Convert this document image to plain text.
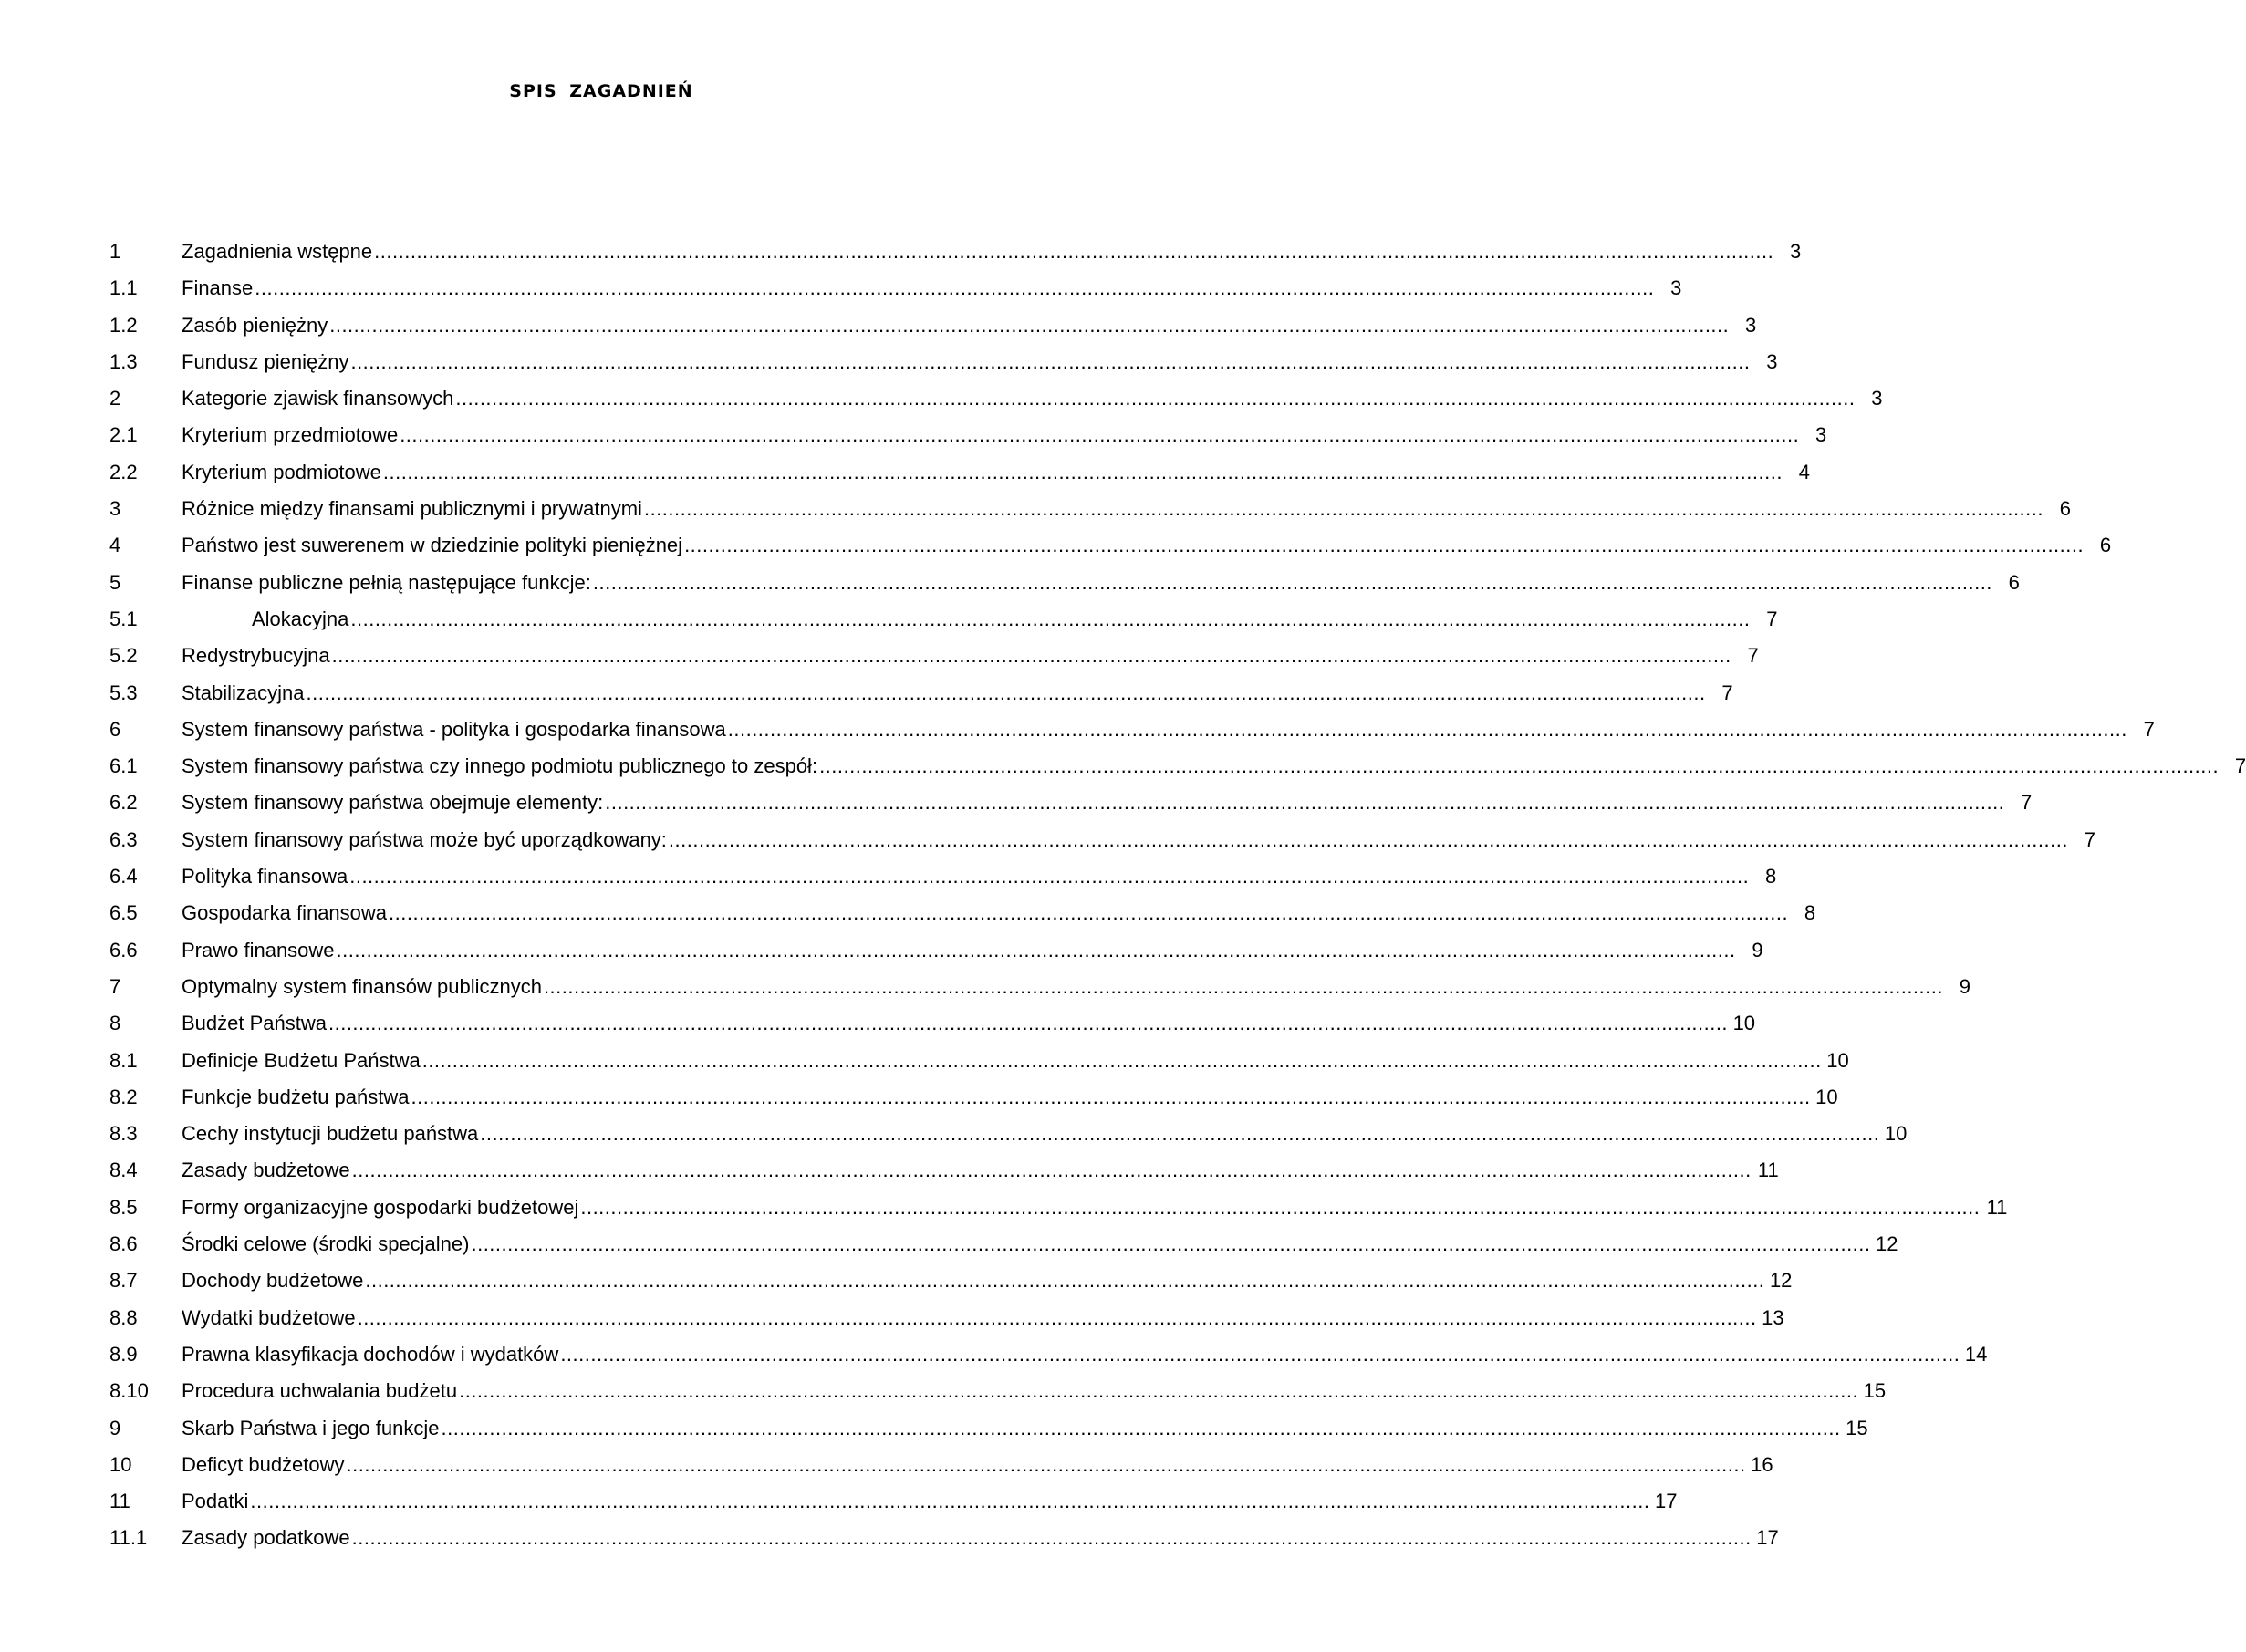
SPIS ZAGADNIEŃ
1	Zagadnienia wstępne .....	3
1.1	Finanse .....	3
1.2	Zasób pieniężny .....	3
1.3	Fundusz pieniężny .....	3
2	Kategorie zjawisk finansowych .....	3
2.1	Kryterium przedmiotowe .....	3
2.2	Kryterium podmiotowe .....	4
3	Różnice między finansami publicznymi i prywatnymi .....	6
4	Państwo jest suwerenem w dziedzinie polityki pieniężnej .....	6
5	Finanse publiczne pełnią następujące funkcje: .....	6
5.1	Alokacyjna .....	7
5.2	Redystrybucyjna .....	7
5.3	Stabilizacyjna .....	7
6	System finansowy państwa - polityka i gospodarka finansowa .....	7
6.1	System finansowy państwa czy innego podmiotu publicznego to zespół: .....	7
6.2	System finansowy państwa obejmuje elementy: .....	7
6.3	System finansowy państwa może być uporządkowany: .....	7
6.4	Polityka finansowa .....	8
6.5	Gospodarka finansowa .....	8
6.6	Prawo finansowe .....	9
7	Optymalny system finansów publicznych .....	9
8	Budżet Państwa .....	10
8.1	Definicje Budżetu Państwa .....	10
8.2	Funkcje budżetu państwa .....	10
8.3	Cechy instytucji budżetu państwa .....	10
8.4	Zasady budżetowe .....	11
8.5	Formy organizacyjne gospodarki budżetowej .....	11
8.6	Środki celowe (środki specjalne) .....	12
8.7	Dochody budżetowe .....	12
8.8	Wydatki budżetowe .....	13
8.9	Prawna klasyfikacja dochodów i wydatków .....	14
8.10	Procedura uchwalania budżetu .....	15
9	Skarb Państwa i jego funkcje .....	15
10	Deficyt budżetowy .....	16
11	Podatki .....	17
11.1	Zasady podatkowe .....	17
